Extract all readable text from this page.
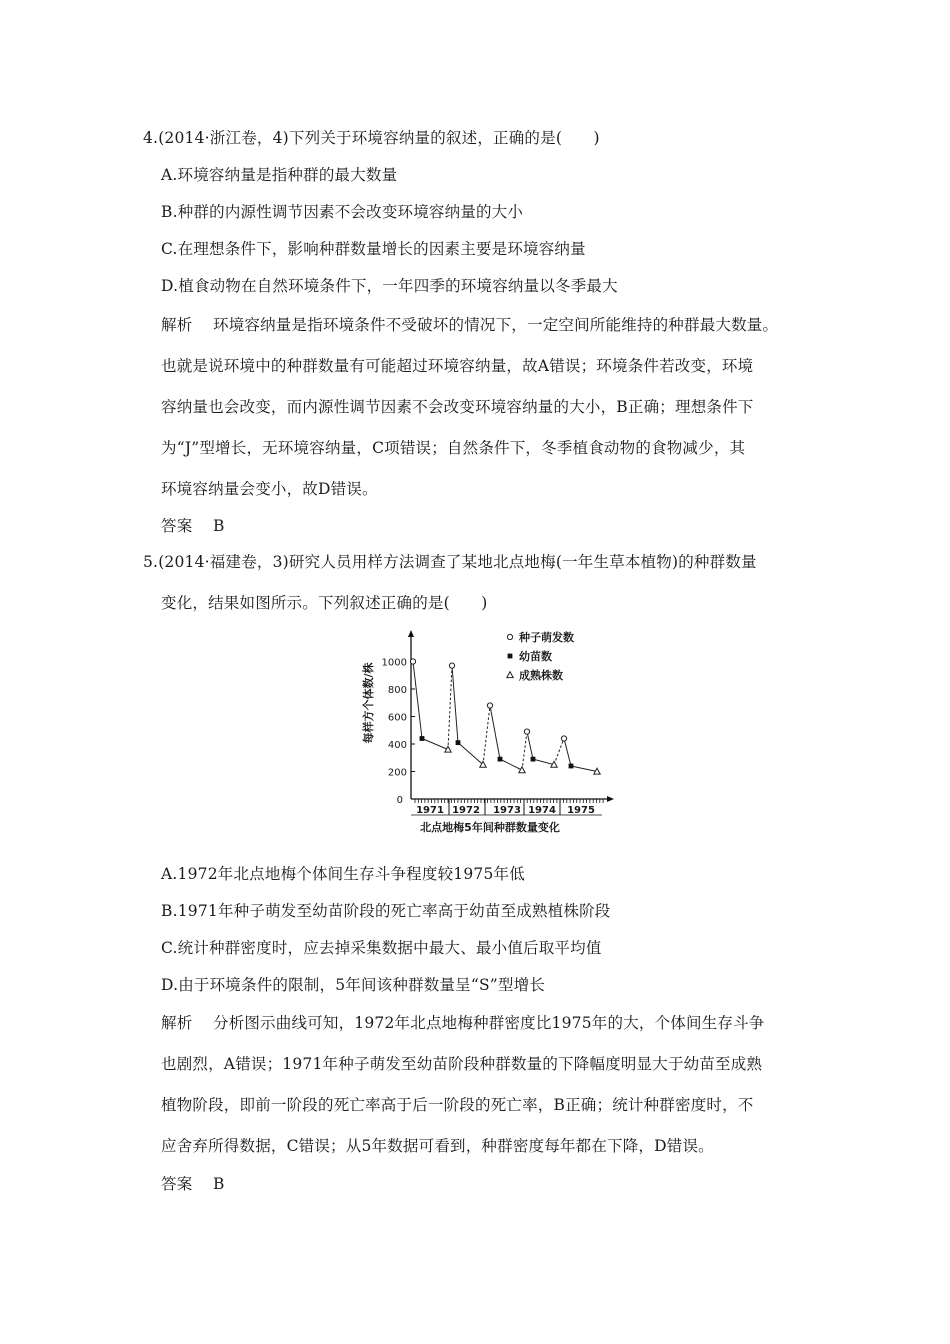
4.(2014·浙江卷，4)下列关于环境容纳量的叙述，正确的是(　　)
A.环境容纳量是指种群的最大数量
B.种群的内源性调节因素不会改变环境容纳量的大小
C.在理想条件下，影响种群数量增长的因素主要是环境容纳量
D.植食动物在自然环境条件下，一年四季的环境容纳量以冬季最大
解析 环境容纳量是指环境条件不受破坏的情况下，一定空间所能维持的种群最大数量。
也就是说环境中的种群数量有可能超过环境容纳量，故A错误；环境条件若改变，环境
容纳量也会改变，而内源性调节因素不会改变环境容纳量的大小，B正确；理想条件下
为“J”型增长，无环境容纳量，C项错误；自然条件下，冬季植食动物的食物减少，其
环境容纳量会变小，故D错误。
答案 B
5.(2014·福建卷，3)研究人员用样方法调查了某地北点地梅(一年生草本植物)的种群数量
变化，结果如图所示。下列叙述正确的是(　　)
0
200
400
600
800
1000
1971 1972 1973 1974 1975
种子萌发数
幼苗数
成熟株数
每样方个体数/株
北点地梅5年间种群数量变化
A.1972年北点地梅个体间生存斗争程度较1975年低
B.1971年种子萌发至幼苗阶段的死亡率高于幼苗至成熟植株阶段
C.统计种群密度时，应去掉采集数据中最大、最小值后取平均值
D.由于环境条件的限制，5年间该种群数量呈“S”型增长
解析 分析图示曲线可知，1972年北点地梅种群密度比1975年的大，个体间生存斗争
也剧烈，A错误；1971年种子萌发至幼苗阶段种群数量的下降幅度明显大于幼苗至成熟
植物阶段，即前一阶段的死亡率高于后一阶段的死亡率，B正确；统计种群密度时，不
应舍弃所得数据，C错误；从5年数据可看到，种群密度每年都在下降，D错误。
答案 B
